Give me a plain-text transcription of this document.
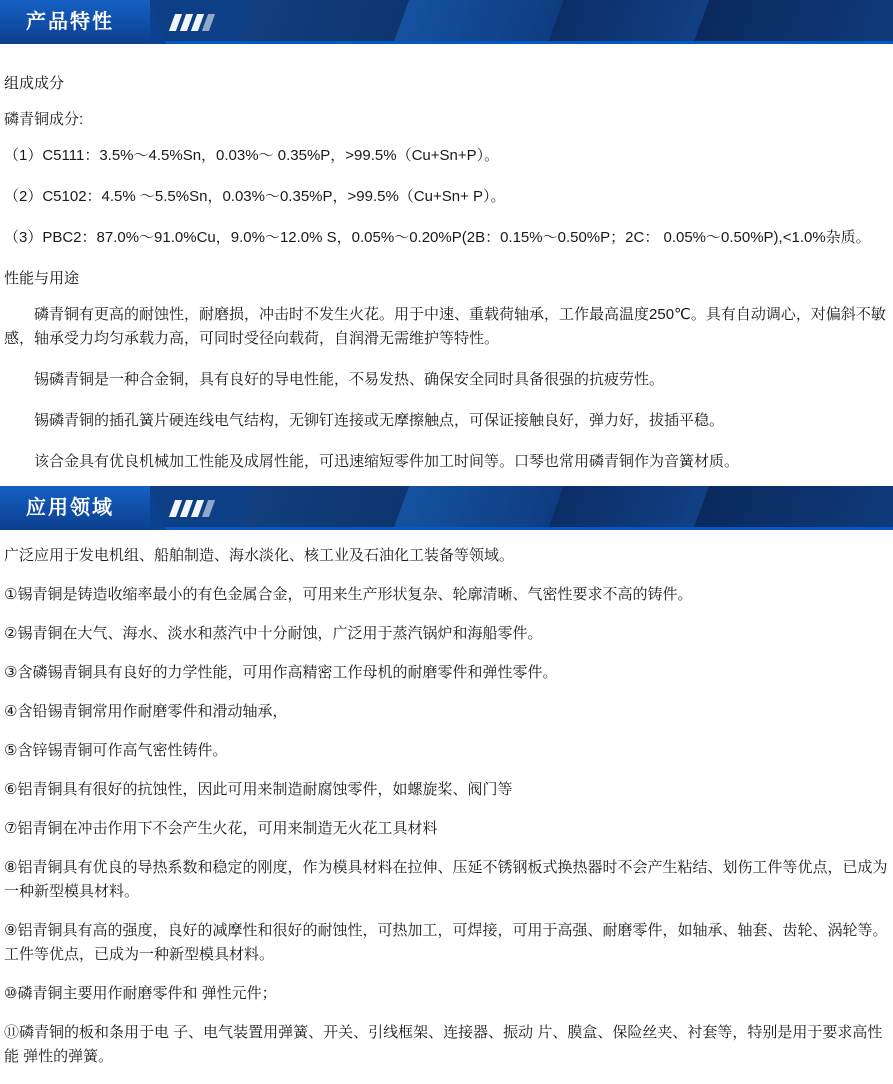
产品特性

组成成分

磷青铜成分:

（1）C5111：3.5%～4.5%Sn，0.03%～ 0.35%P，>99.5%（Cu+Sn+P）。

（2）C5102：4.5% ～5.5%Sn，0.03%～0.35%P，>99.5%（Cu+Sn+ P）。

（3）PBC2：87.0%～91.0%Cu，9.0%～12.0% S，0.05%～0.20%P(2B：0.15%～0.50%P；2C： 0.05%～0.50%P),<1.0%杂质。

性能与用途

磷青铜有更高的耐蚀性，耐磨损，冲击时不发生火花。用于中速、重载荷轴承，工作最高温度250℃。具有自动调心，对偏斜不敏感，轴承受力均匀承载力高，可同时受径向载荷，自润滑无需维护等特性。

锡磷青铜是一种合金铜，具有良好的导电性能，不易发热、确保安全同时具备很强的抗疲劳性。

锡磷青铜的插孔簧片硬连线电气结构，无铆钉连接或无摩擦触点，可保证接触良好，弹力好，拔插平稳。

该合金具有优良机械加工性能及成屑性能，可迅速缩短零件加工时间等。口琴也常用磷青铜作为音簧材质。

应用领域

广泛应用于发电机组、船舶制造、海水淡化、核工业及石油化工装备等领域。

①锡青铜是铸造收缩率最小的有色金属合金，可用来生产形状复杂、轮廓清晰、气密性要求不高的铸件。

②锡青铜在大气、海水、淡水和蒸汽中十分耐蚀，广泛用于蒸汽锅炉和海船零件。

③含磷锡青铜具有良好的力学性能，可用作高精密工作母机的耐磨零件和弹性零件。

④含铅锡青铜常用作耐磨零件和滑动轴承，

⑤含锌锡青铜可作高气密性铸件。

⑥铝青铜具有很好的抗蚀性，因此可用来制造耐腐蚀零件，如螺旋桨、阀门等

⑦铝青铜在冲击作用下不会产生火花，可用来制造无火花工具材料

⑧铝青铜具有优良的导热系数和稳定的刚度，作为模具材料在拉伸、压延不锈钢板式换热器时不会产生粘结、划伤工件等优点，已成为一种新型模具材料。

⑨铝青铜具有高的强度，良好的减摩性和很好的耐蚀性，可热加工，可焊接，可用于高强、耐磨零件，如轴承、轴套、齿轮、涡轮等。工件等优点，已成为一种新型模具材料。

⑩磷青铜主要用作耐磨零件和 弹性元件；

⑪磷青铜的板和条用于电 子、电气装置用弹簧、开关、引线框架、连接器、振动 片、膜盒、保险丝夹、衬套等，特别是用于要求高性能 弹性的弹簧。
